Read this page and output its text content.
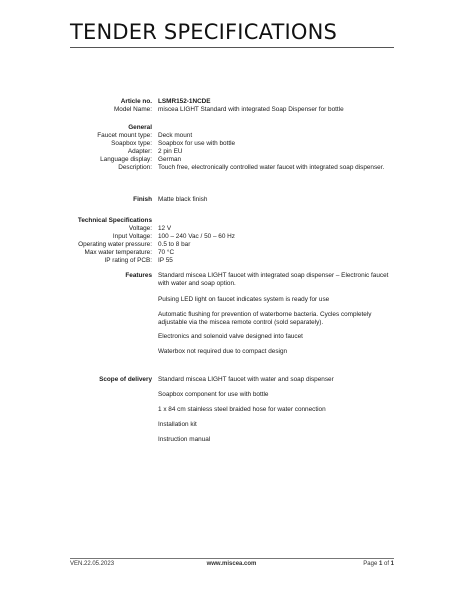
TENDER SPECIFICATIONS
Article no. LSMR152-1NCDE
Model Name: miscea LIGHT Standard with integrated Soap Dispenser for bottle
General
Faucet mount type: Deck mount
Soapbox type: Soapbox for use with bottle
Adapter: 2 pin EU
Language display: German
Description: Touch free, electronically controlled water faucet with integrated soap dispenser.
Finish Matte black finish
Technical Specifications
Voltage: 12 V
Input Voltage: 100 – 240 Vac / 50 – 60 Hz
Operating water pressure: 0.5 to 8 bar
Max water temperature: 70 °C
IP rating of PCB: IP 55
Features Standard miscea LIGHT faucet with integrated soap dispenser – Electronic faucet with water and soap option.
Pulsing LED light on faucet indicates system is ready for use
Automatic flushing for prevention of waterborne bacteria. Cycles completely adjustable via the miscea remote control (sold separately).
Electronics and solenoid valve designed into faucet
Waterbox not required due to compact design
Scope of delivery Standard miscea LIGHT faucet with water and soap dispenser
Soapbox component for use with bottle
1 x 84 cm stainless steel braided hose for water connection
Installation kit
Instruction manual
VEN.22.05.2023	www.miscea.com	Page 1 of 1
